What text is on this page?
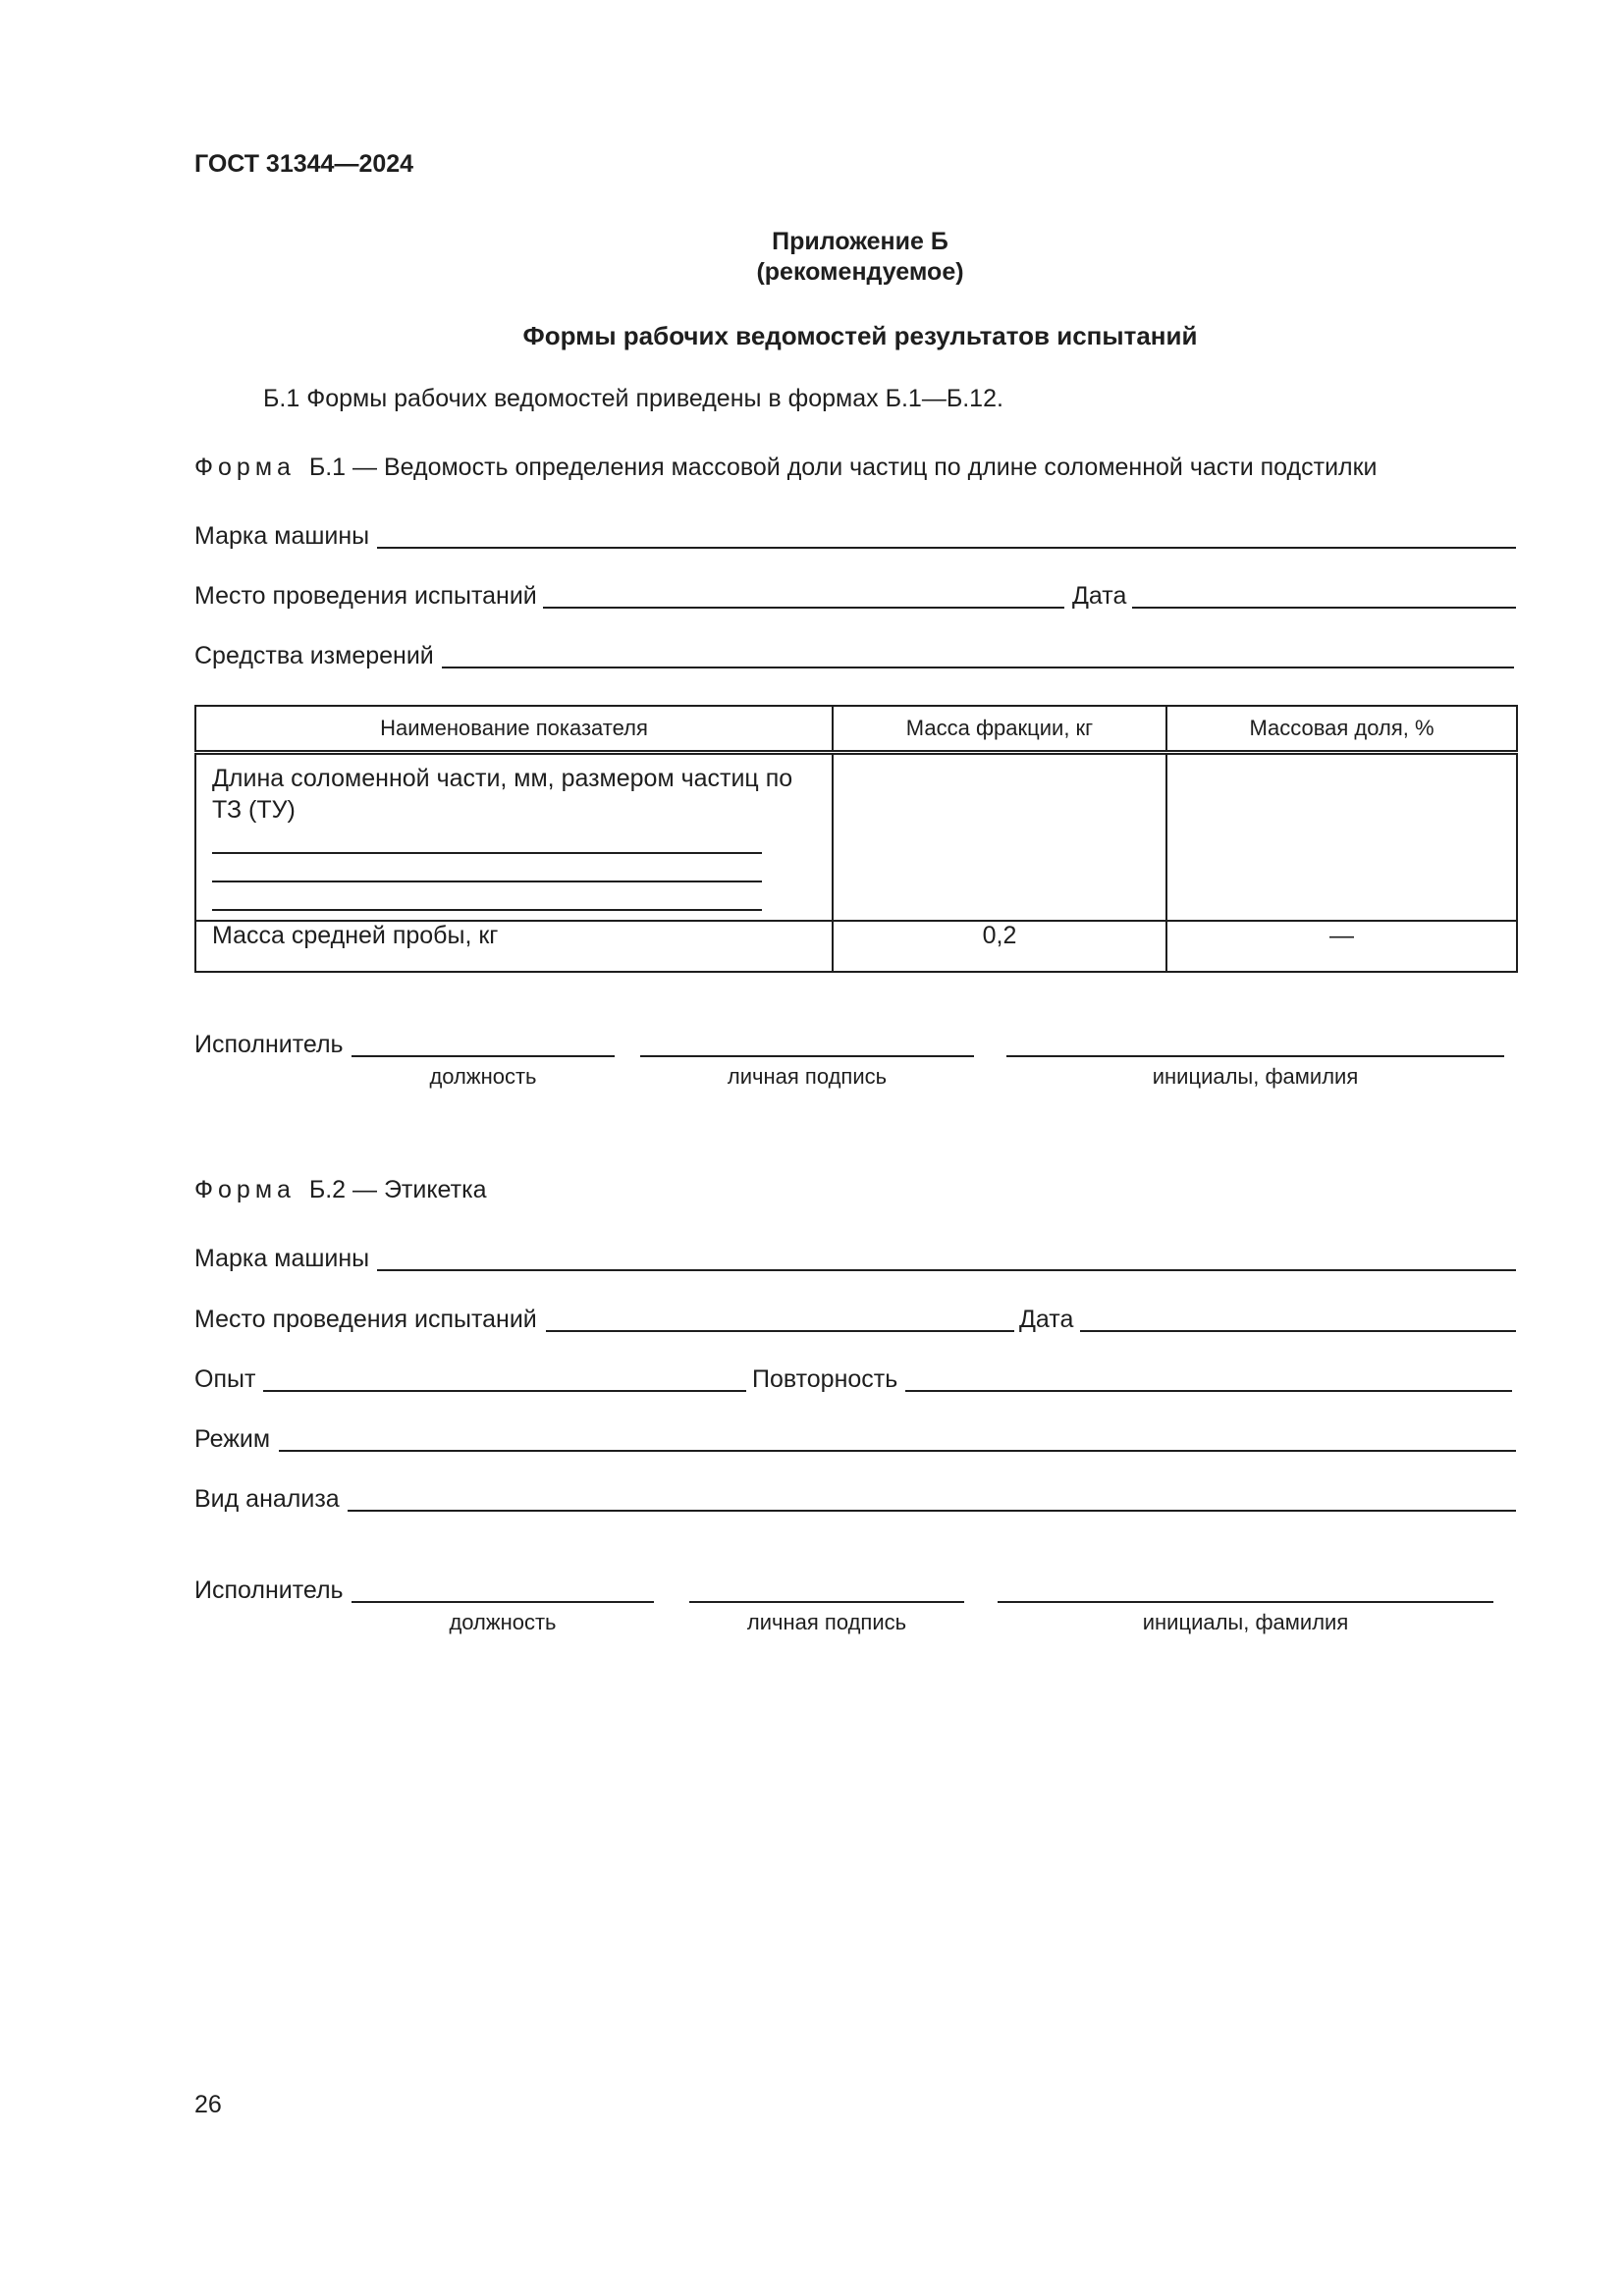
ГОСТ 31344—2024
Приложение Б
(рекомендуемое)
Формы рабочих ведомостей результатов испытаний
Б.1 Формы рабочих ведомостей приведены в формах Б.1—Б.12.
Форма Б.1 — Ведомость определения массовой доли частиц по длине соломенной части подстилки
Марка машины
Место проведения испытаний	Дата
Средства измерений
Наименование показателя	Масса фракции, кг	Массовая доля, %

Длина соломенной части, мм, размером частиц по ТЗ (ТУ)		

Масса средней пробы, кг	0,2	—
Исполнитель
должность	личная подпись	инициалы, фамилия
Форма Б.2 — Этикетка
Марка машины
Место проведения испытаний	Дата
Опыт	Повторность
Режим
Вид анализа
Исполнитель
должность	личная подпись	инициалы, фамилия
26
